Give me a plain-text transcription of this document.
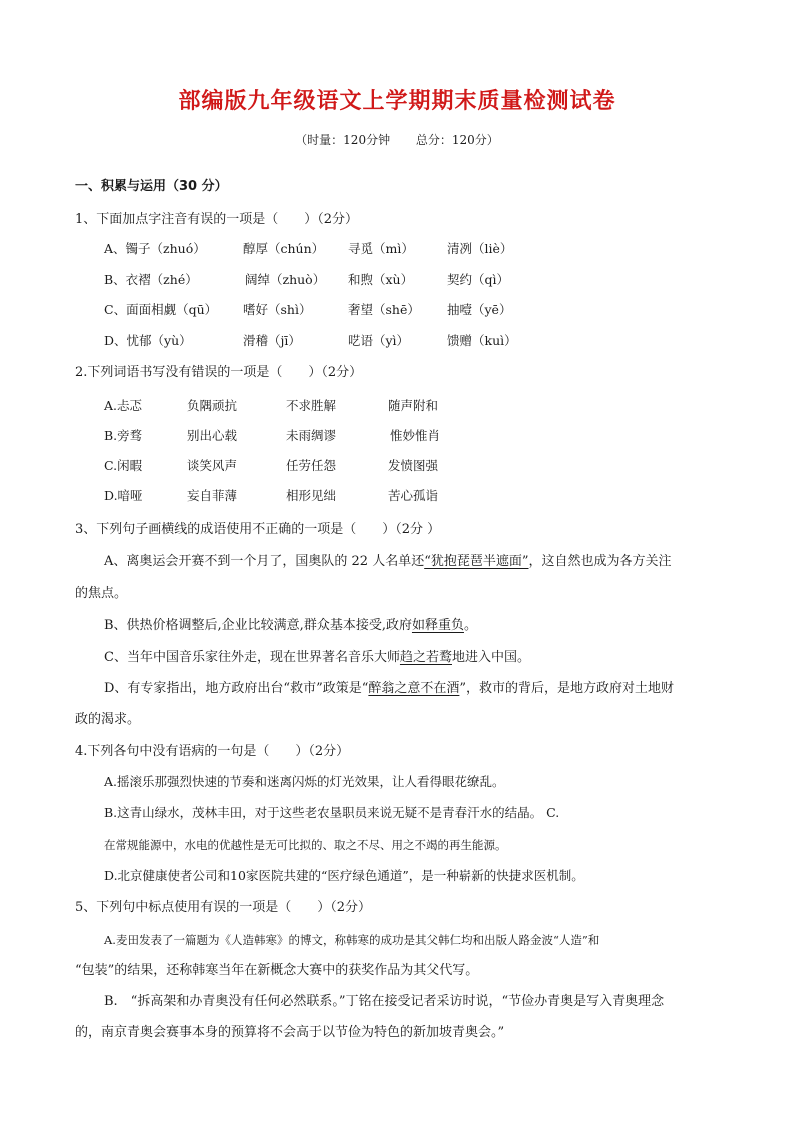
部编版九年级语文上学期期末质量检测试卷
（时量：120分钟 总分：120分）
一、积累与运用（30 分）
1、下面加点字注音有误的一项是（　　）（2分）
A、镯子（zhuó）	醇厚（chún） 寻觅（mì）	清冽（liè）
B、衣褶（zhé）	阔绰（zhuò） 和煦（xù）	契约（qì）
C、面面相觑（qū） 嗜好（shì）	奢望（shē） 抽噎（yē）
D、忧郁（yù）	滑稽（jī）	呓语（yì）	馈赠（kuì）
2.下列词语书写没有错误的一项是（　　）（2分）
A.忐忑	负隅顽抗	不求胜解	随声附和
B.旁骛	别出心载	未雨绸谬	惟妙惟肖
C.闲暇	谈笑风声	任劳任怨	发愤图强
D.喑哑	妄自菲薄	相形见绌	苦心孤诣
3、下列句子画横线的成语使用不正确的一项是（　　）（2分 ）
A、离奥运会开赛不到一个月了，国奥队的 22 人名单还“犹抱琵琶半遮面”，这自然也成为各方关注
的焦点。
B、供热价格调整后,企业比较满意,群众基本接受,政府如释重负。
C、当年中国音乐家往外走，现在世界著名音乐大师趋之若鹜地进入中国。
D、有专家指出，地方政府出台“救市”政策是“醉翁之意不在酒”，救市的背后，是地方政府对土地财
政的渴求。
4.下列各句中没有语病的一句是（　　）（2分）
A.摇滚乐那强烈快速的节奏和迷离闪烁的灯光效果，让人看得眼花缭乱。
B.这青山绿水，茂林丰田，对于这些老农垦职员来说无疑不是青春汗水的结晶。 C.
在常规能源中，水电的优越性是无可比拟的、取之不尽、用之不竭的再生能源。
D.北京健康使者公司和10家医院共建的“医疗绿色通道”，是一种崭新的快捷求医机制。
5、下列句中标点使用有误的一项是（　　）（2分）
A.麦田发表了一篇题为《人造韩寒》的博文，称韩寒的成功是其父韩仁均和出版人路金波“人造”和
“包装”的结果，还称韩寒当年在新概念大赛中的获奖作品为其父代写。
B.　“拆高架和办青奥没有任何必然联系。”丁铭在接受记者采访时说，“节俭办青奥是写入青奥理念
的，南京青奥会赛事本身的预算将不会高于以节俭为特色的新加坡青奥会。”
